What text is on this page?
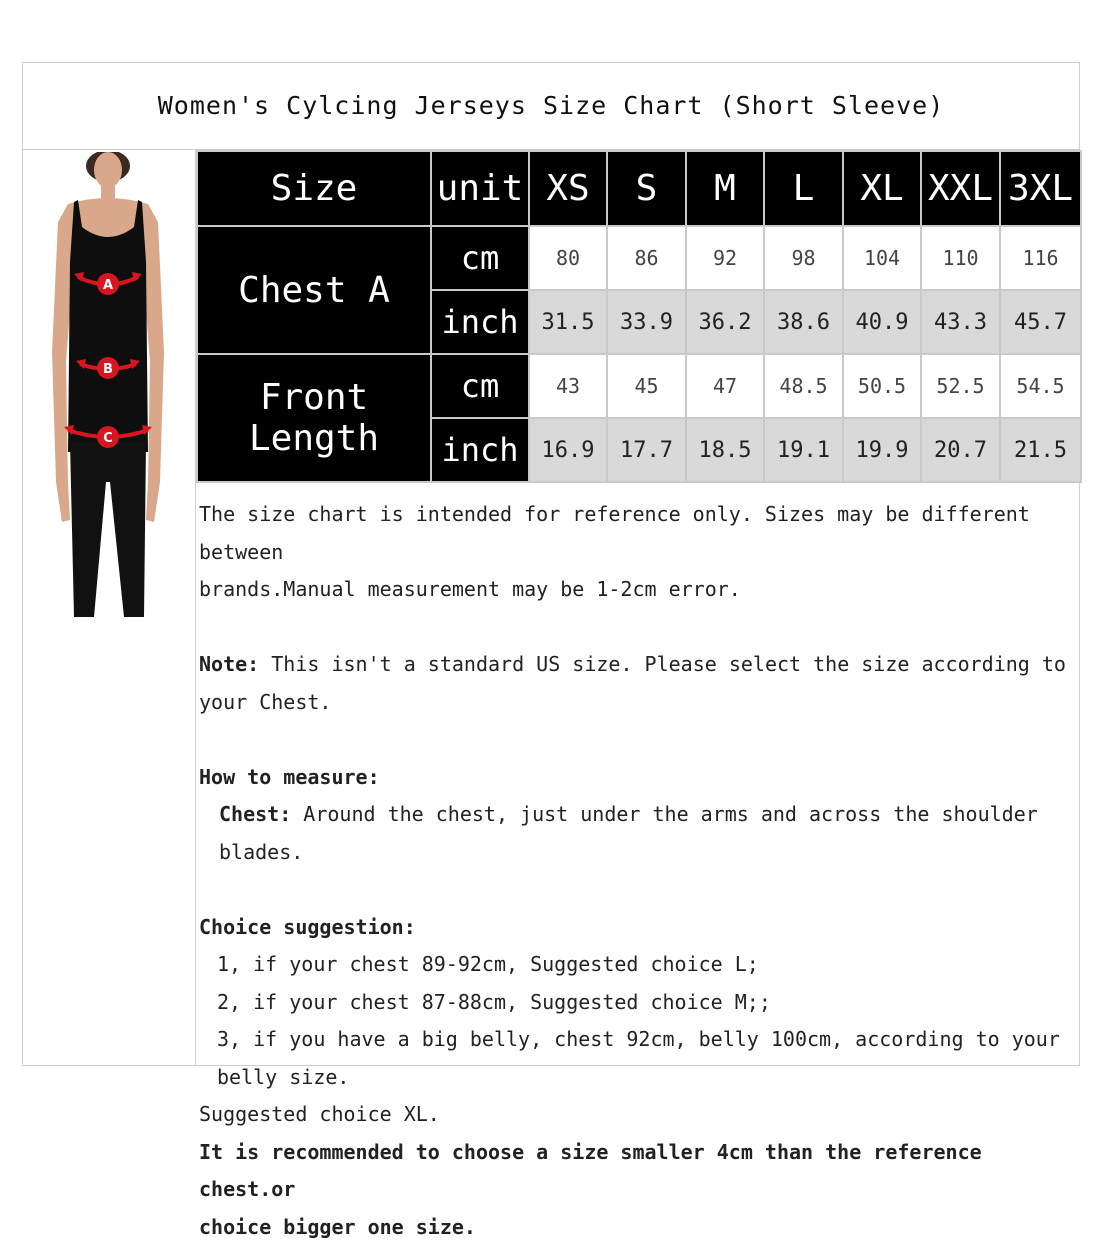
Women's Cylcing Jerseys Size Chart (Short Sleeve)
A
B
C
Size	unit	XS	S	M	L	XL	XXL	3XL
Chest A	cm	80	86	92	98	104	110	116
	inch	31.5	33.9	36.2	38.6	40.9	43.3	45.7
Front Length	cm	43	45	47	48.5	50.5	52.5	54.5
	inch	16.9	17.7	18.5	19.1	19.9	20.7	21.5

The size chart is intended for reference only. Sizes may be different between

brands.Manual measurement may be 1-2cm error.

Note: This isn't a standard US size. Please select the size according to your Chest.

How to measure:

Chest: Around the chest, just under the arms and across the shoulder blades.

Choice suggestion:

1, if your chest 89-92cm, Suggested choice L;

2, if your chest 87-88cm, Suggested choice M;;

3, if you have a big belly, chest 92cm, belly 100cm, according to your belly size.

Suggested choice XL.

It is recommended to choose a size smaller 4cm than the reference chest.or

choice bigger one size.
